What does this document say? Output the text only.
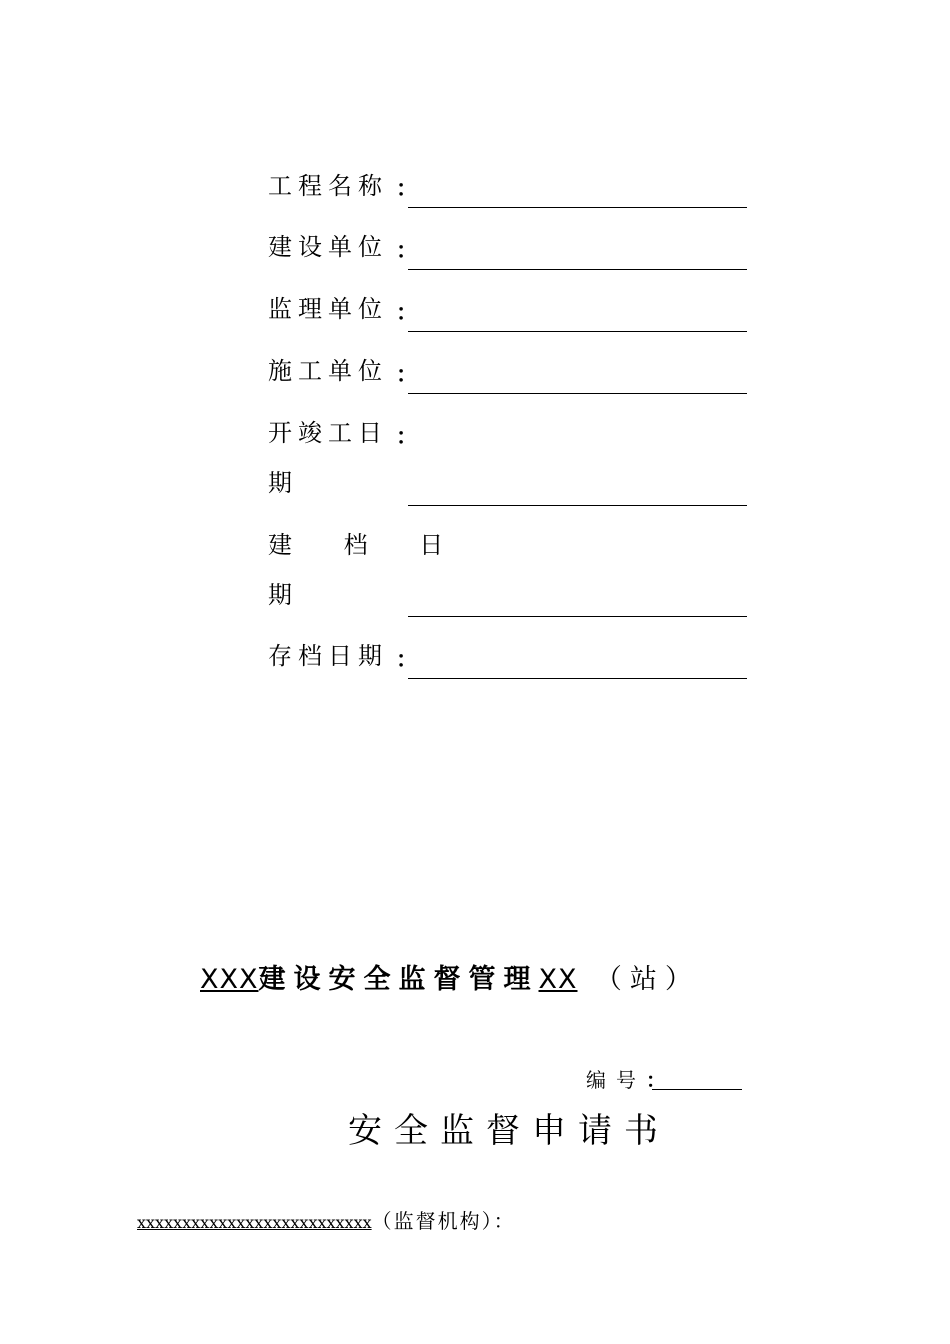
工程名称 ：
建设单位 ：
监理单位 ：
施工单位 ：
开竣工日 ：
期
建 档 日
期
存档日期 ：
XXX建设安全监督管理XX （站）
编号：
安全监督申请书
xxxxxxxxxxxxxxxxxxxxxxxxxx（监督机构）：
